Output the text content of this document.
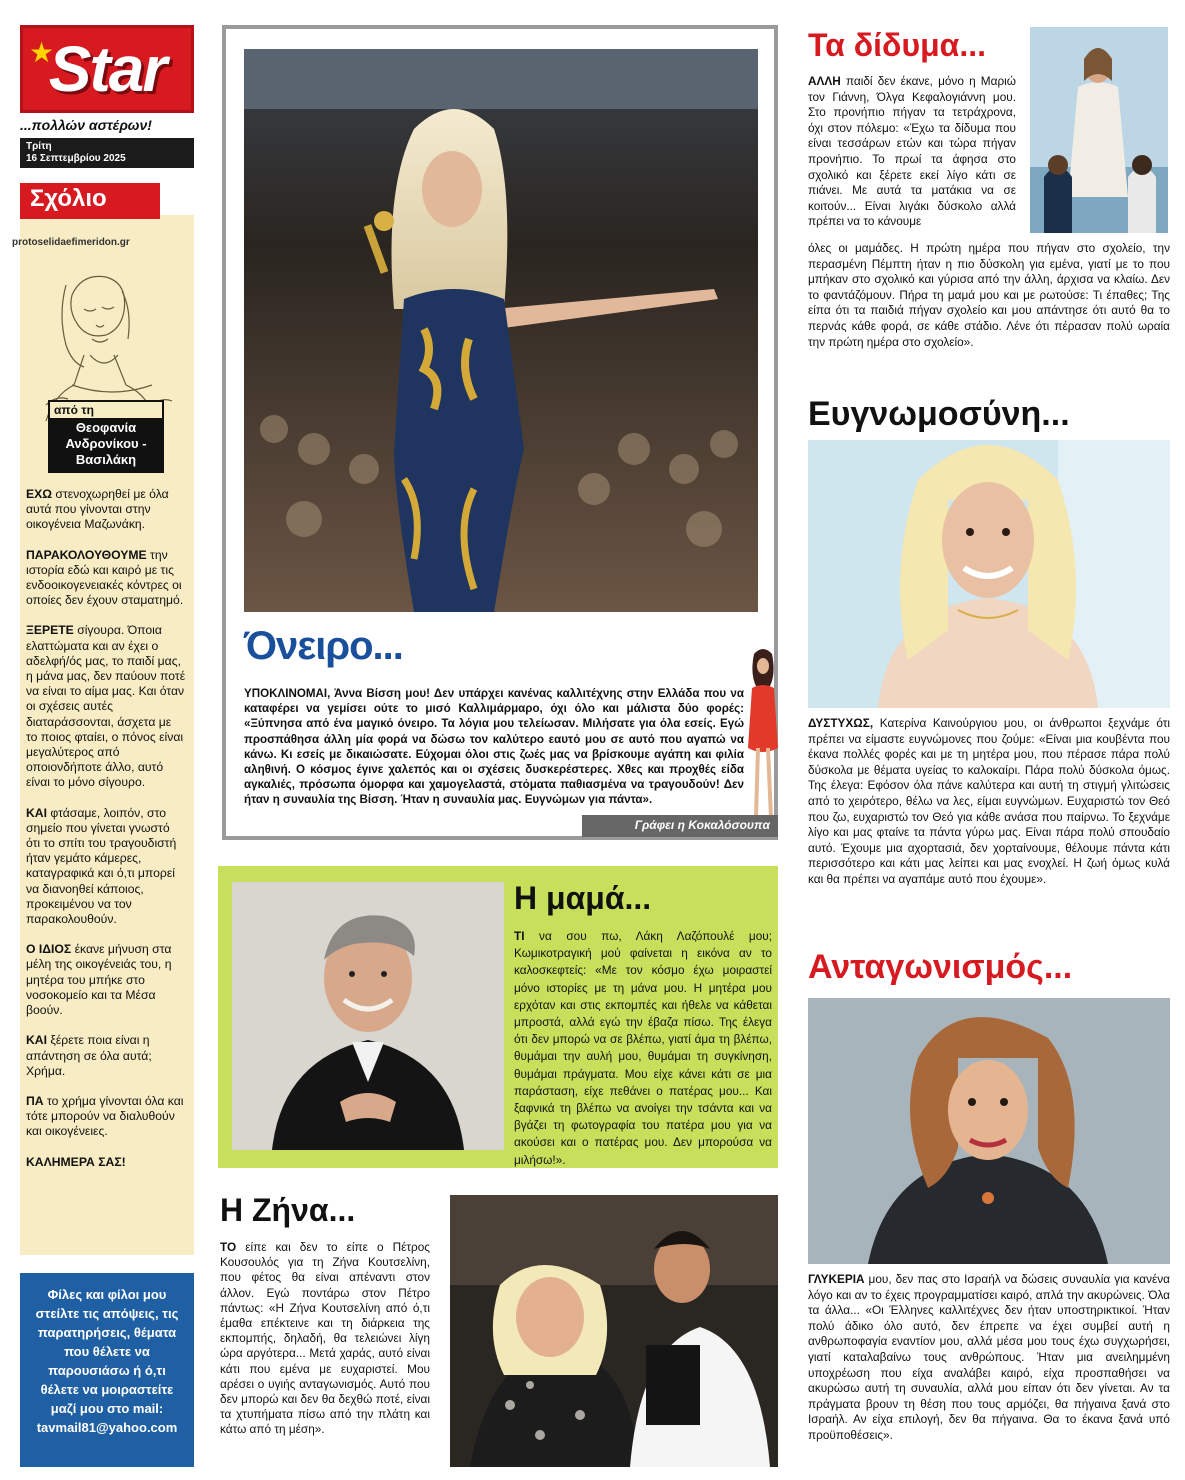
★
Star
...πολλών αστέρων!
Τρίτη
16 Σεπτεμβρίου 2025
Σχόλιο
protoselidaefimeridon.gr
από τη
Θεοφανία Ανδρονίκου - Βασιλάκη

ΕΧΩ στενοχωρηθεί με όλα αυτά που γίνονται στην οικογένεια Μαζωνάκη.

ΠΑΡΑΚΟΛΟΥΘΟΥΜΕ την ιστορία εδώ και καιρό με τις ενδοοικογενειακές κόντρες οι οποίες δεν έχουν σταματημό.

ΞΕΡΕΤΕ σίγουρα. Όποια ελαττώματα και αν έχει ο αδελφή/ός μας, το παιδί μας, η μάνα μας, δεν παύουν ποτέ να είναι το αίμα μας. Και όταν οι σχέσεις αυτές διαταράσσονται, άσχετα με το ποιος φταίει, ο πόνος είναι μεγαλύτερος από οποιονδήποτε άλλο, αυτό είναι το μόνο σίγουρο.

ΚΑΙ φτάσαμε, λοιπόν, στο σημείο που γίνεται γνωστό ότι το σπίτι του τραγουδιστή ήταν γεμάτο κάμερες, καταγραφικά και ό,τι μπορεί να διανοηθεί κάποιος, προκειμένου να τον παρακολουθούν.

Ο ΙΔΙΟΣ έκανε μήνυση στα μέλη της οικογένειάς του, η μητέρα του μπήκε στο νοσοκομείο και τα Μέσα βοούν.

ΚΑΙ ξέρετε ποια είναι η απάντηση σε όλα αυτά; Χρήμα.

ΠΑ το χρήμα γίνονται όλα και τότε μπορούν να διαλυθούν και οικογένειες.

ΚΑΛΗΜΕΡΑ ΣΑΣ!

Φίλες και φίλοι μου στείλτε τις απόψεις, τις παρατηρήσεις, θέματα που θέλετε να παρουσιάσω ή ό,τι θέλετε να μοιραστείτε μαζί μου στο mail: tavmail81@yahoo.com
Όνειρο...
ΥΠΟΚΛΙΝΟΜΑΙ, Άννα Βίσση μου! Δεν υπάρχει κανένας καλλιτέχνης στην Ελλάδα που να καταφέρει να γεμίσει ούτε το μισό Καλλιμάρμαρο, όχι όλο και μάλιστα δύο φορές: «Ξύπνησα από ένα μαγικό όνειρο. Τα λόγια μου τελείωσαν. Μιλήσατε για όλα εσείς. Εγώ προσπάθησα άλλη μία φορά να δώσω τον καλύτερο εαυτό μου σε αυτό που αγαπώ να κάνω. Κι εσείς με δικαιώσατε. Εύχομαι όλοι στις ζωές μας να βρίσκουμε αγάπη και φιλία αληθινή. Ο κόσμος έγινε χαλεπός και οι σχέσεις δυσκερέστερες. Χθες και προχθές είδα αγκαλιές, πρόσωπα όμορφα και χαμογελαστά, στόματα παθιασμένα να τραγουδούν! Δεν ήταν η συναυλία της Βίσση. Ήταν η συναυλία μας. Ευγνώμων για πάντα».
Γράφει η Κοκαλόσουπα
Η μαμά...
ΤΙ να σου πω, Λάκη Λαζόπουλέ μου; Κωμικοτραγική μού φαίνεται η εικόνα αν το καλοσκεφτείς: «Με τον κόσμο έχω μοιραστεί μόνο ιστορίες με τη μάνα μου. Η μητέρα μου ερχόταν και στις εκπομπές και ήθελε να κάθεται μπροστά, αλλά εγώ την έβαζα πίσω. Της έλεγα ότι δεν μπορώ να σε βλέπω, γιατί άμα τη βλέπω, θυμάμαι την αυλή μου, θυμάμαι τη συγκίνηση, θυμάμαι πράγματα. Μου είχε κάνει κάτι σε μια παράσταση, είχε πεθάνει ο πατέρας μου... Και ξαφνικά τη βλέπω να ανοίγει την τσάντα και να βγάζει τη φωτογραφία του πατέρα μου για να ακούσει και ο πατέρας μου. Δεν μπορούσα να μιλήσω!».
Η Ζήνα...
ΤΟ είπε και δεν το είπε ο Πέτρος Κουσουλός για τη Ζήνα Κουτσελίνη, που φέτος θα είναι απέναντι στον άλλον. Εγώ ποντάρω στον Πέτρο πάντως: «Η Ζήνα Κουτσελίνη από ό,τι έμαθα επέκτεινε και τη διάρκεια της εκπομπής, δηλαδή, θα τελειώνει λίγη ώρα αργότερα... Μετά χαράς, αυτό είναι κάτι που εμένα με ευχαριστεί. Μου αρέσει ο υγιής ανταγωνισμός. Αυτό που δεν μπορώ και δεν θα δεχθώ ποτέ, είναι τα χτυπήματα πίσω από την πλάτη και κάτω από τη μέση».
Τα δίδυμα...
ΑΛΛΗ παιδί δεν έκανε, μόνο η Μαριώ τον Γιάννη, Όλγα Κεφαλογιάννη μου. Στο προνήπιο πήγαν τα τετράχρονα, όχι στον πόλεμο: «Έχω τα δίδυμα που είναι τεσσάρων ετών και τώρα πήγαν προνήπιο. Το πρωί τα άφησα στο σχολικό και ξέρετε εκεί λίγο κάτι σε πιάνει. Με αυτά τα ματάκια να σε κοιτούν... Είναι λιγάκι δύσκολο αλλά πρέπει να το κάνουμε
όλες οι μαμάδες. Η πρώτη ημέρα που πήγαν στο σχολείο, την περασμένη Πέμπτη ήταν η πιο δύσκολη για εμένα, γιατί με το που μπήκαν στο σχολικό και γύρισα από την άλλη, άρχισα να κλαίω. Δεν το φαντάζόμουν. Πήρα τη μαμά μου και με ρωτούσε: Τι έπαθες; Της είπα ότι τα παιδιά πήγαν σχολείο και μου απάντησε ότι αυτό θα το περνάς κάθε φορά, σε κάθε στάδιο. Λένε ότι πέρασαν πολύ ωραία την πρώτη ημέρα στο σχολείο».
Ευγνωμοσύνη...
ΔΥΣΤΥΧΩΣ, Κατερίνα Καινούργιου μου, οι άνθρωποι ξεχνάμε ότι πρέπει να είμαστε ευγνώμονες που ζούμε: «Είναι μια κουβέντα που έκανα πολλές φορές και με τη μητέρα μου, που πέρασε πάρα πολύ δύσκολα με θέματα υγείας το καλοκαίρι. Πάρα πολύ δύσκολα όμως. Της έλεγα: Εφόσον όλα πάνε καλύτερα και αυτή τη στιγμή γλιτώσεις από το χειρότερο, θέλω να λες, είμαι ευγνώμων. Ευχαριστώ τον Θεό που ζω, ευχαριστώ τον Θεό για κάθε ανάσα που παίρνω. Το ξεχνάμε λίγο και μας φταίνε τα πάντα γύρω μας. Είναι πάρα πολύ σπουδαίο αυτό. Έχουμε μια αχορτασιά, δεν χορταίνουμε, θέλουμε πάντα κάτι περισσότερο και κάτι μας λείπει και μας ενοχλεί. Η ζωή όμως κυλά και θα πρέπει να αγαπάμε αυτό που έχουμε».
Ανταγωνισμός...
ΓΛΥΚΕΡΙΑ μου, δεν πας στο Ισραήλ να δώσεις συναυλία για κανένα λόγο και αν το έχεις προγραμματίσει καιρό, απλά την ακυρώνεις. Όλα τα άλλα... «Οι Έλληνες καλλιτέχνες δεν ήταν υποστηρικτικοί. Ήταν πολύ άδικο όλο αυτό, δεν έπρεπε να έχει συμβεί αυτή η ανθρωποφαγία εναντίον μου, αλλά μέσα μου τους έχω συγχωρήσει, γιατί καταλαβαίνω τους ανθρώπους. Ήταν μια ανειλημμένη υποχρέωση που είχα αναλάβει καιρό, είχα προσπαθήσει να ακυρώσω αυτή τη συναυλία, αλλά μου είπαν ότι δεν γίνεται. Αν τα πράγματα βρουν τη θέση που τους αρμόζει, θα πήγαινα ξανά στο Ισραήλ. Αν είχα επιλογή, δεν θα πήγαινα. Θα το έκανα ξανά υπό προϋποθέσεις».
